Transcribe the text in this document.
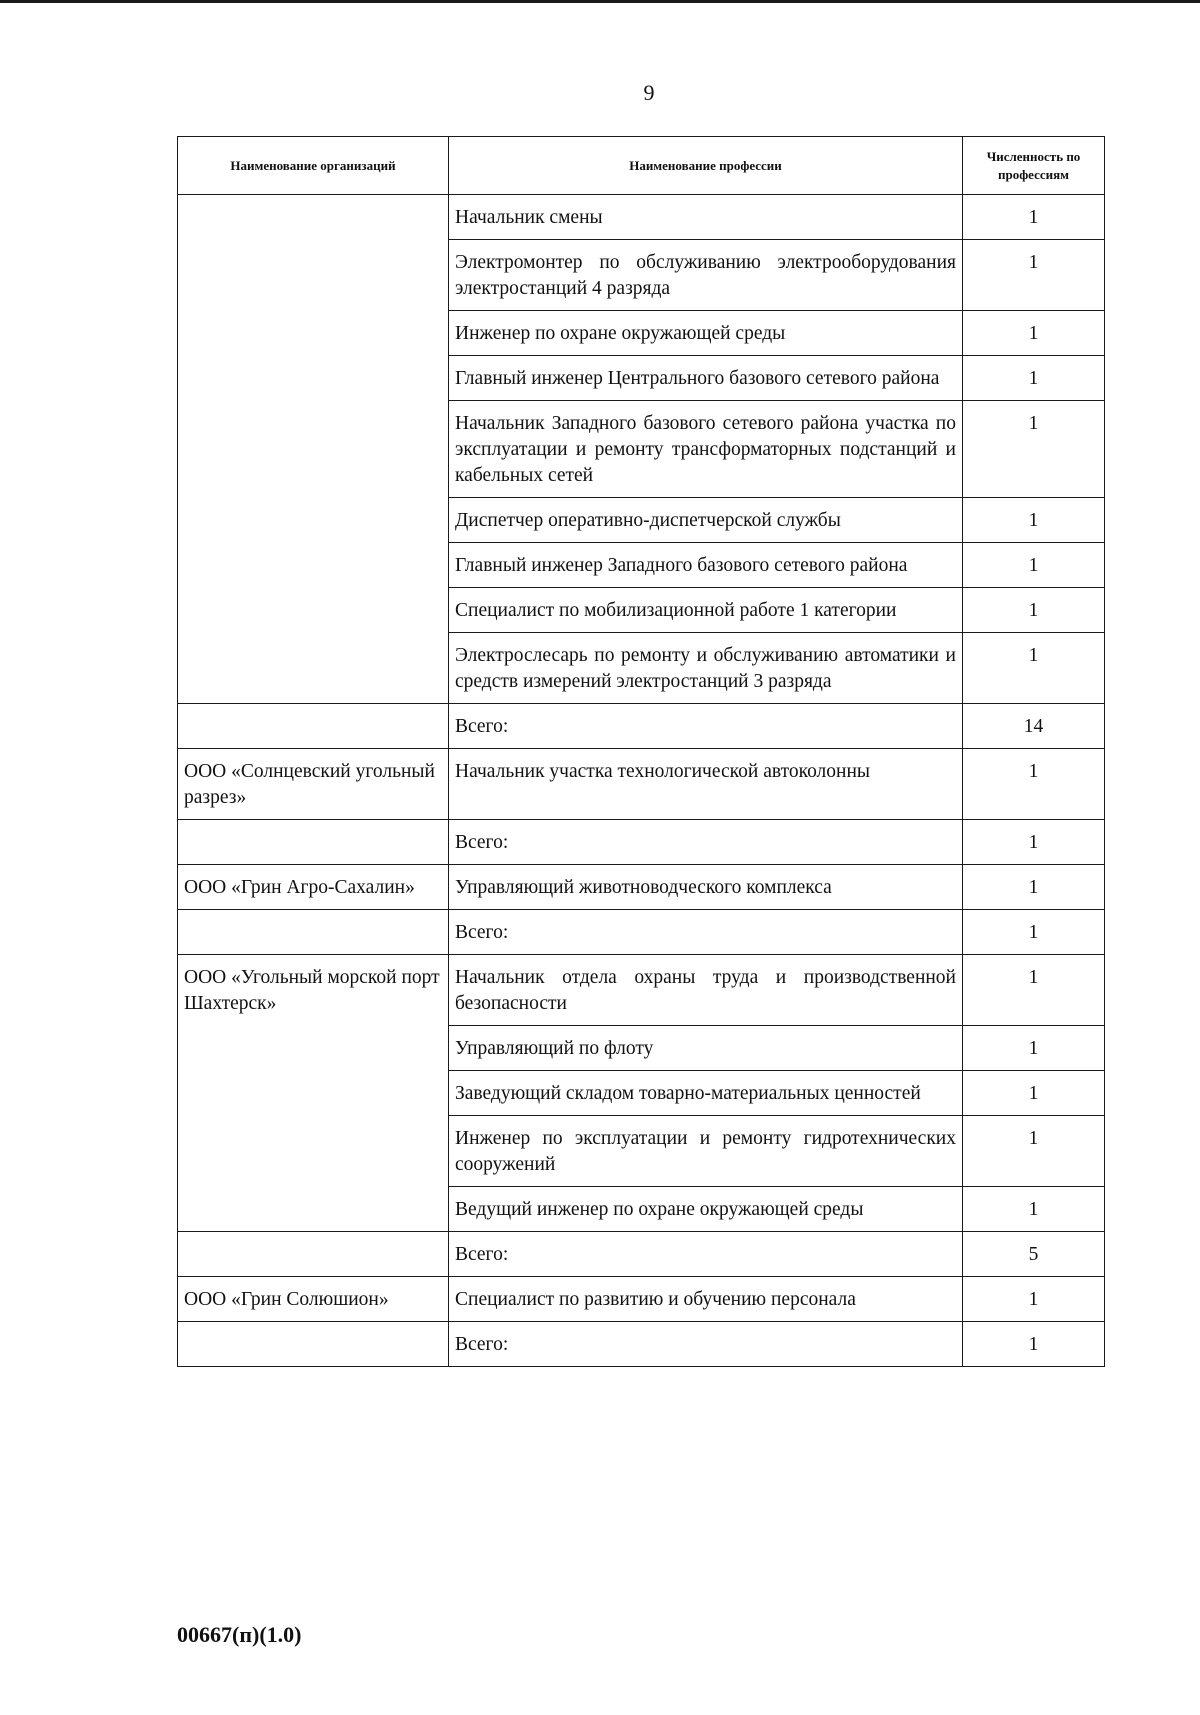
9
Наименование организаций	Наименование профессии	Численность по профессиям

	Начальник смены	1

	Электромонтер по обслуживанию электрооборудования электростанций 4 разряда	1

	Инженер по охране окружающей среды	1

	Главный инженер Центрального базового сетевого района	1

	Начальник Западного базового сетевого района участка по эксплуатации и ремонту трансформаторных подстанций и кабельных сетей	1

	Диспетчер оперативно-диспетчерской службы	1

	Главный инженер Западного базового сетевого района	1

	Специалист по мобилизационной работе 1 категории	1

	Электрослесарь по ремонту и обслуживанию автоматики и средств измерений электростанций 3 разряда	1

	Всего:	14

ООО «Солнцевский угольный разрез»	Начальник участка технологической автоколонны	1

	Всего:	1

ООО «Грин Агро-Сахалин»	Управляющий животноводческого комплекса	1

	Всего:	1

ООО «Угольный морской порт Шахтерск»	Начальник отдела охраны труда и производственной безопасности	1

	Управляющий по флоту	1

	Заведующий складом товарно-материальных ценностей	1

	Инженер по эксплуатации и ремонту гидротехнических сооружений	1

	Ведущий инженер по охране окружающей среды	1

	Всего:	5

ООО «Грин Солюшион»	Специалист по развитию и обучению персонала	1

	Всего:	1
00667(п)(1.0)
